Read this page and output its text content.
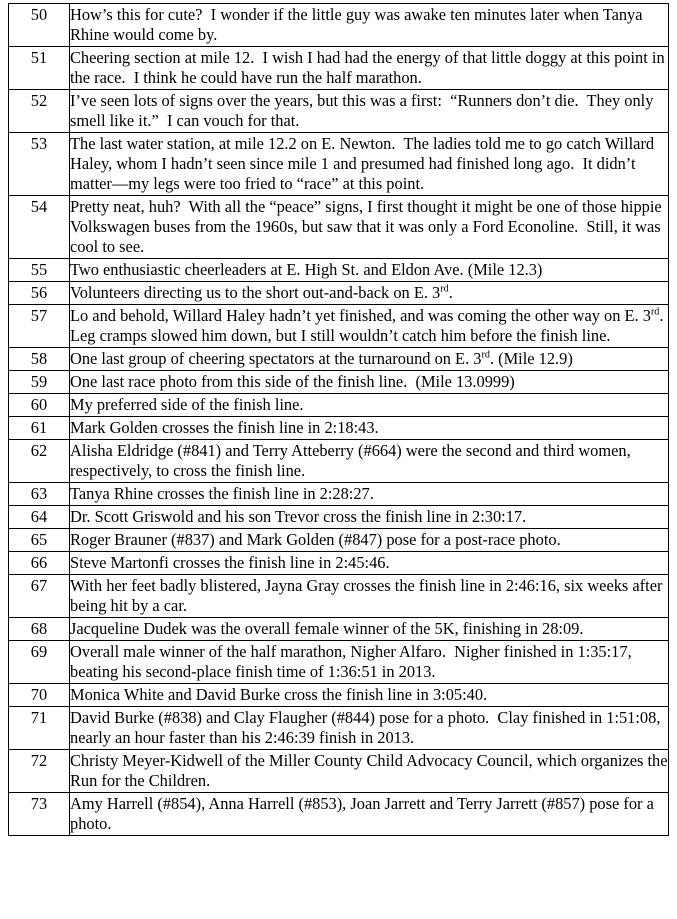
50	How’s this for cute?  I wonder if the little guy was awake ten minutes later when Tanya Rhine would come by.
51	Cheering section at mile 12.  I wish I had had the energy of that little doggy at this point in the race.  I think he could have run the half marathon.
52	I’ve seen lots of signs over the years, but this was a first:  “Runners don’t die.  They only smell like it.”  I can vouch for that.
53	The last water station, at mile 12.2 on E. Newton.  The ladies told me to go catch Willard Haley, whom I hadn’t seen since mile 1 and presumed had finished long ago.  It didn’t matter—my legs were too fried to “race” at this point.
54	Pretty neat, huh?  With all the “peace” signs, I first thought it might be one of those hippie Volkswagen buses from the 1960s, but saw that it was only a Ford Econoline.  Still, it was cool to see.
55	Two enthusiastic cheerleaders at E. High St. and Eldon Ave. (Mile 12.3)
56	Volunteers directing us to the short out-and-back on E. 3rd.
57	Lo and behold, Willard Haley hadn’t yet finished, and was coming the other way on E. 3rd.  Leg cramps slowed him down, but I still wouldn’t catch him before the finish line.
58	One last group of cheering spectators at the turnaround on E. 3rd. (Mile 12.9)
59	One last race photo from this side of the finish line.  (Mile 13.0999)
60	My preferred side of the finish line.
61	Mark Golden crosses the finish line in 2:18:43.
62	Alisha Eldridge (#841) and Terry Atteberry (#664) were the second and third women, respectively, to cross the finish line.
63	Tanya Rhine crosses the finish line in 2:28:27.
64	Dr. Scott Griswold and his son Trevor cross the finish line in 2:30:17.
65	Roger Brauner (#837) and Mark Golden (#847) pose for a post-race photo.
66	Steve Martonfi crosses the finish line in 2:45:46.
67	With her feet badly blistered, Jayna Gray crosses the finish line in 2:46:16, six weeks after being hit by a car.
68	Jacqueline Dudek was the overall female winner of the 5K, finishing in 28:09.
69	Overall male winner of the half marathon, Nigher Alfaro.  Nigher finished in 1:35:17, beating his second-place finish time of 1:36:51 in 2013.
70	Monica White and David Burke cross the finish line in 3:05:40.
71	David Burke (#838) and Clay Flaugher (#844) pose for a photo.  Clay finished in 1:51:08, nearly an hour faster than his 2:46:39 finish in 2013.
72	Christy Meyer-Kidwell of the Miller County Child Advocacy Council, which organizes the Run for the Children.
73	Amy Harrell (#854), Anna Harrell (#853), Joan Jarrett and Terry Jarrett (#857) pose for a photo.
